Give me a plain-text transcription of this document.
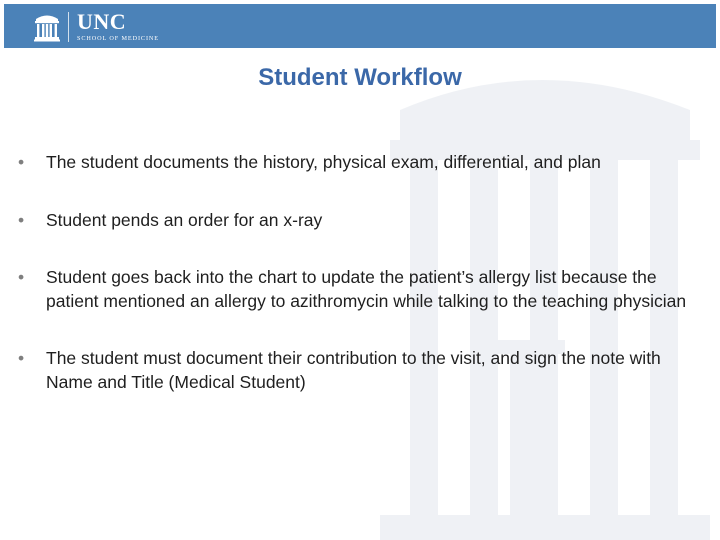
UNC
SCHOOL OF MEDICINE
Student Workflow
•	The student documents the history, physical exam, differential, and plan
•	Student pends an order for an x-ray
•	Student goes back into the chart to update the patient’s allergy list because the patient mentioned an allergy to azithromycin while talking to the teaching physician
•	The student must document their contribution to the visit, and sign the note with Name and Title (Medical Student)
